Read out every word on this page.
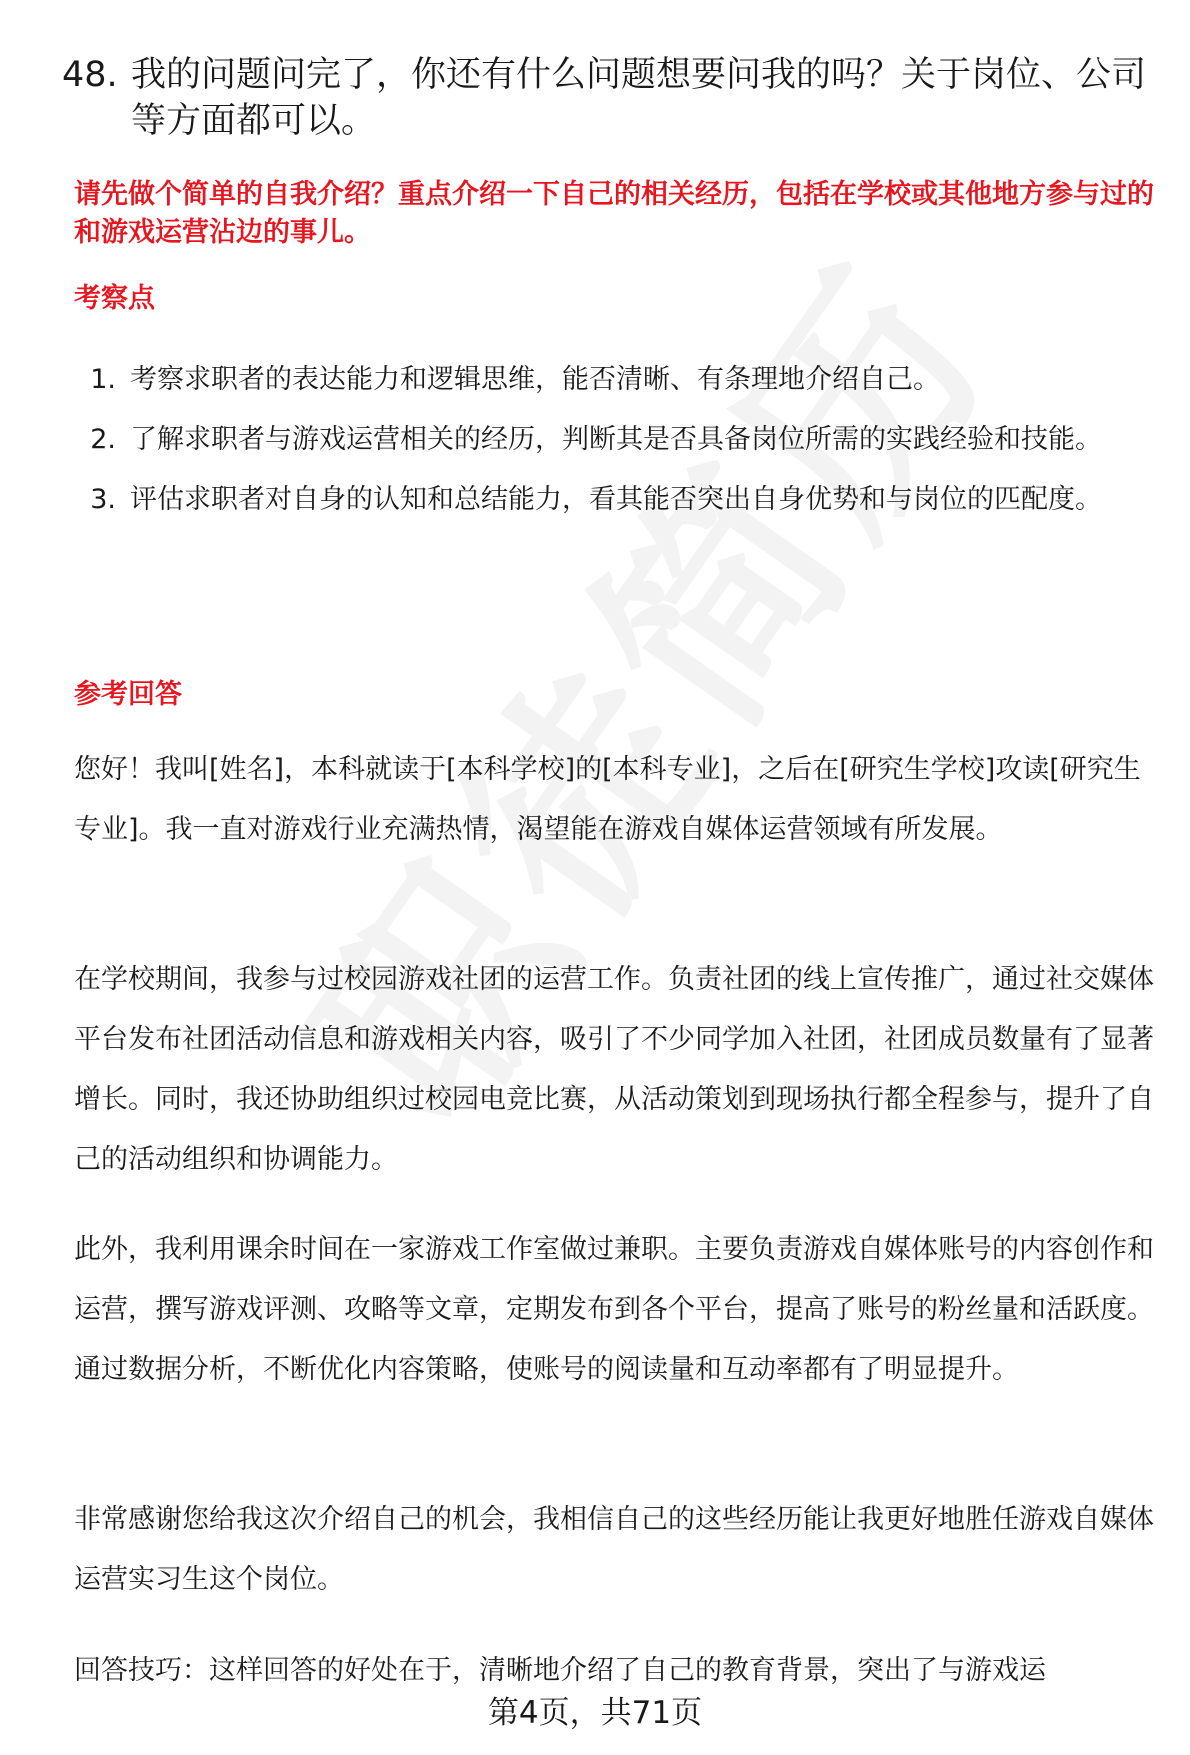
48. 我的问题问完了，你还有什么问题想要问我的吗？关于岗位、公司等方面都可以。
请先做个简单的自我介绍？重点介绍一下自己的相关经历，包括在学校或其他地方参与过的和游戏运营沾边的事儿。
考察点
1. 考察求职者的表达能力和逻辑思维，能否清晰、有条理地介绍自己。
2. 了解求职者与游戏运营相关的经历，判断其是否具备岗位所需的实践经验和技能。
3. 评估求职者对自身的认知和总结能力，看其能否突出自身优势和与岗位的匹配度。
参考回答
您好！我叫[姓名]，本科就读于[本科学校]的[本科专业]，之后在[研究生学校]攻读[研究生专业]。我一直对游戏行业充满热情，渴望能在游戏自媒体运营领域有所发展。
在学校期间，我参与过校园游戏社团的运营工作。负责社团的线上宣传推广，通过社交媒体平台发布社团活动信息和游戏相关内容，吸引了不少同学加入社团，社团成员数量有了显著增长。同时，我还协助组织过校园电竞比赛，从活动策划到现场执行都全程参与，提升了自己的活动组织和协调能力。
此外，我利用课余时间在一家游戏工作室做过兼职。主要负责游戏自媒体账号的内容创作和运营，撰写游戏评测、攻略等文章，定期发布到各个平台，提高了账号的粉丝量和活跃度。通过数据分析，不断优化内容策略，使账号的阅读量和互动率都有了明显提升。
非常感谢您给我这次介绍自己的机会，我相信自己的这些经历能让我更好地胜任游戏自媒体运营实习生这个岗位。
回答技巧：这样回答的好处在于，清晰地介绍了自己的教育背景，突出了与游戏运
第4页，共71页
